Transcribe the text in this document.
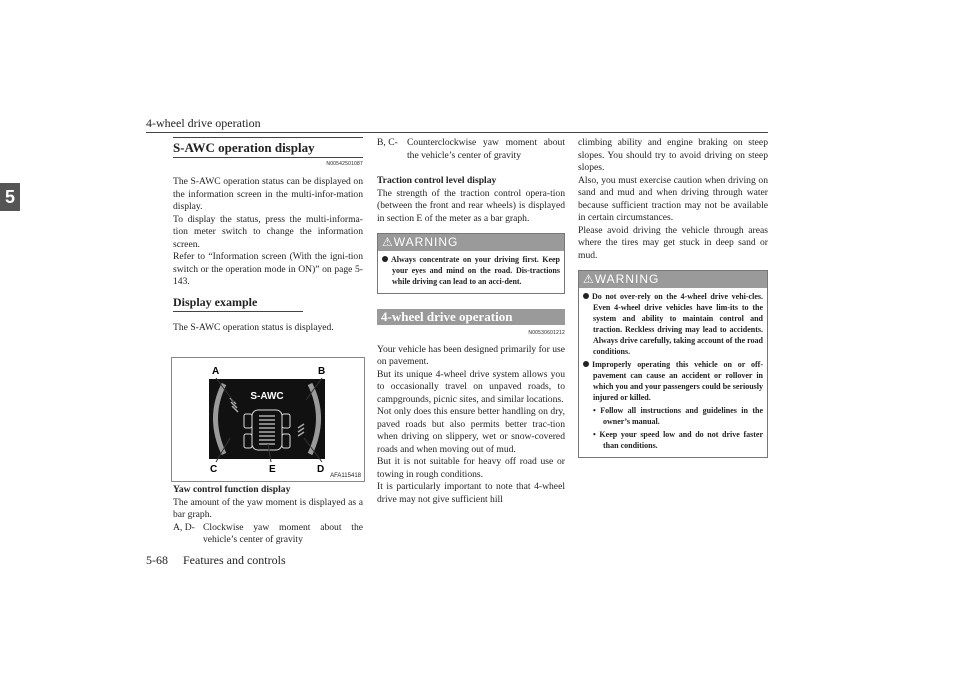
4-wheel drive operation
5
S-AWC operation display
N00542501087

The S-AWC operation status can be displayed on the information screen in the multi-infor-mation display.

To display the status, press the multi-informa-tion meter switch to change the information screen.

Refer to “Information screen (With the igni-tion switch or the operation mode in ON)” on page 5-143.

Display example

The S-AWC operation status is displayed.

S-AWC
A	B
C	E	D
AFA115418
Yaw control function display

The amount of the yaw moment is displayed as a bar graph.

A, D- Clockwise yaw moment about the vehicle’s center of gravity
B, C- Counterclockwise yaw moment about the vehicle’s center of gravity
Traction control level display

The strength of the traction control opera-tion (between the front and rear wheels) is displayed in section E of the meter as a bar graph.

⚠WARNING
Always concentrate on your driving first. Keep your eyes and mind on the road. Dis-tractions while driving can lead to an acci-dent.
4-wheel drive operation
N00530601212

Your vehicle has been designed primarily for use on pavement.

But its unique 4-wheel drive system allows you to occasionally travel on unpaved roads, to campgrounds, picnic sites, and similar locations.

Not only does this ensure better handling on dry, paved roads but also permits better trac-tion when driving on slippery, wet or snow-covered roads and when moving out of mud.

But it is not suitable for heavy off road use or towing in rough conditions.

It is particularly important to note that 4-wheel drive may not give sufficient hill

climbing ability and engine braking on steep slopes. You should try to avoid driving on steep slopes.

Also, you must exercise caution when driving on sand and mud and when driving through water because sufficient traction may not be available in certain circumstances.

Please avoid driving the vehicle through areas where the tires may get stuck in deep sand or mud.

⚠WARNING
Do not over-rely on the 4-wheel drive vehi-cles. Even 4-wheel drive vehicles have lim-its to the system and ability to maintain control and traction. Reckless driving may lead to accidents. Always drive carefully, taking account of the road conditions.
Improperly operating this vehicle on or off-pavement can cause an accident or rollover in which you and your passengers could be seriously injured or killed.
• Follow all instructions and guidelines in the owner’s manual.
• Keep your speed low and do not drive faster than conditions.
5-68 Features and controls
